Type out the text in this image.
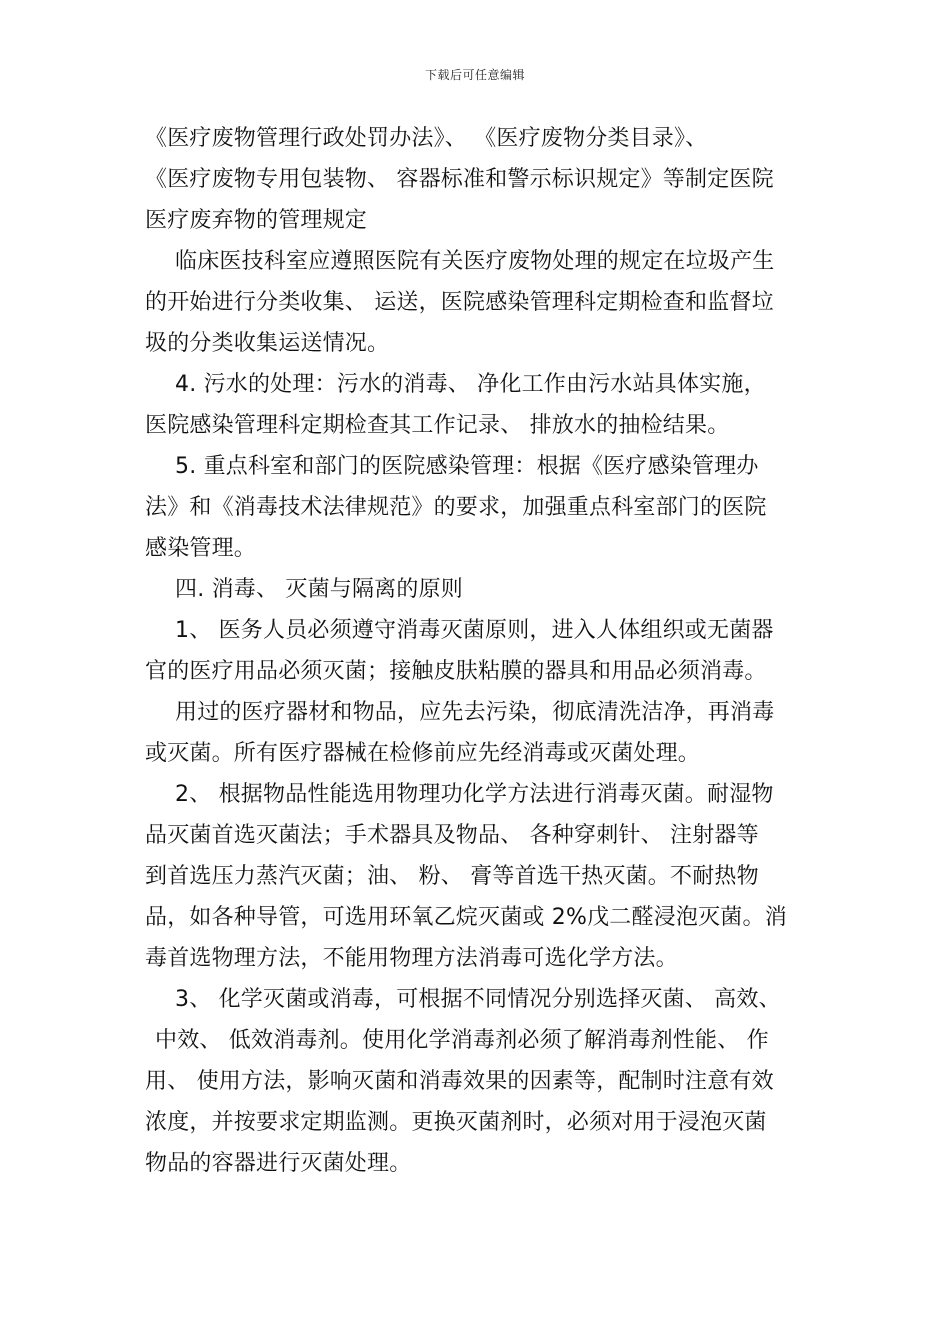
下载后可任意编辑
《医疗废物管理行政处罚办法》、 《医疗废物分类目录》、
《医疗废物专用包装物、 容器标准和警示标识规定》等制定医院
医疗废弃物的管理规定
临床医技科室应遵照医院有关医疗废物处理的规定在垃圾产生
的开始进行分类收集、 运送，医院感染管理科定期检查和监督垃
圾的分类收集运送情况。
4. 污水的处理：污水的消毒、 净化工作由污水站具体实施，
医院感染管理科定期检查其工作记录、 排放水的抽检结果。
5. 重点科室和部门的医院感染管理：根据《医疗感染管理办
法》和《消毒技术法律规范》的要求，加强重点科室部门的医院
感染管理。
四. 消毒、 灭菌与隔离的原则
1、 医务人员必须遵守消毒灭菌原则，进入人体组织或无菌器
官的医疗用品必须灭菌；接触皮肤粘膜的器具和用品必须消毒。
用过的医疗器材和物品，应先去污染，彻底清洗洁净，再消毒
或灭菌。所有医疗器械在检修前应先经消毒或灭菌处理。
2、 根据物品性能选用物理功化学方法进行消毒灭菌。耐湿物
品灭菌首选灭菌法；手术器具及物品、 各种穿刺针、 注射器等
到首选压力蒸汽灭菌；油、 粉、 膏等首选干热灭菌。不耐热物
品，如各种导管，可选用环氧乙烷灭菌或 2%戊二醛浸泡灭菌。消
毒首选物理方法，不能用物理方法消毒可选化学方法。
3、 化学灭菌或消毒，可根据不同情况分别选择灭菌、 高效、
中效、 低效消毒剂。使用化学消毒剂必须了解消毒剂性能、 作
用、 使用方法，影响灭菌和消毒效果的因素等，配制时注意有效
浓度，并按要求定期监测。更换灭菌剂时，必须对用于浸泡灭菌
物品的容器进行灭菌处理。
